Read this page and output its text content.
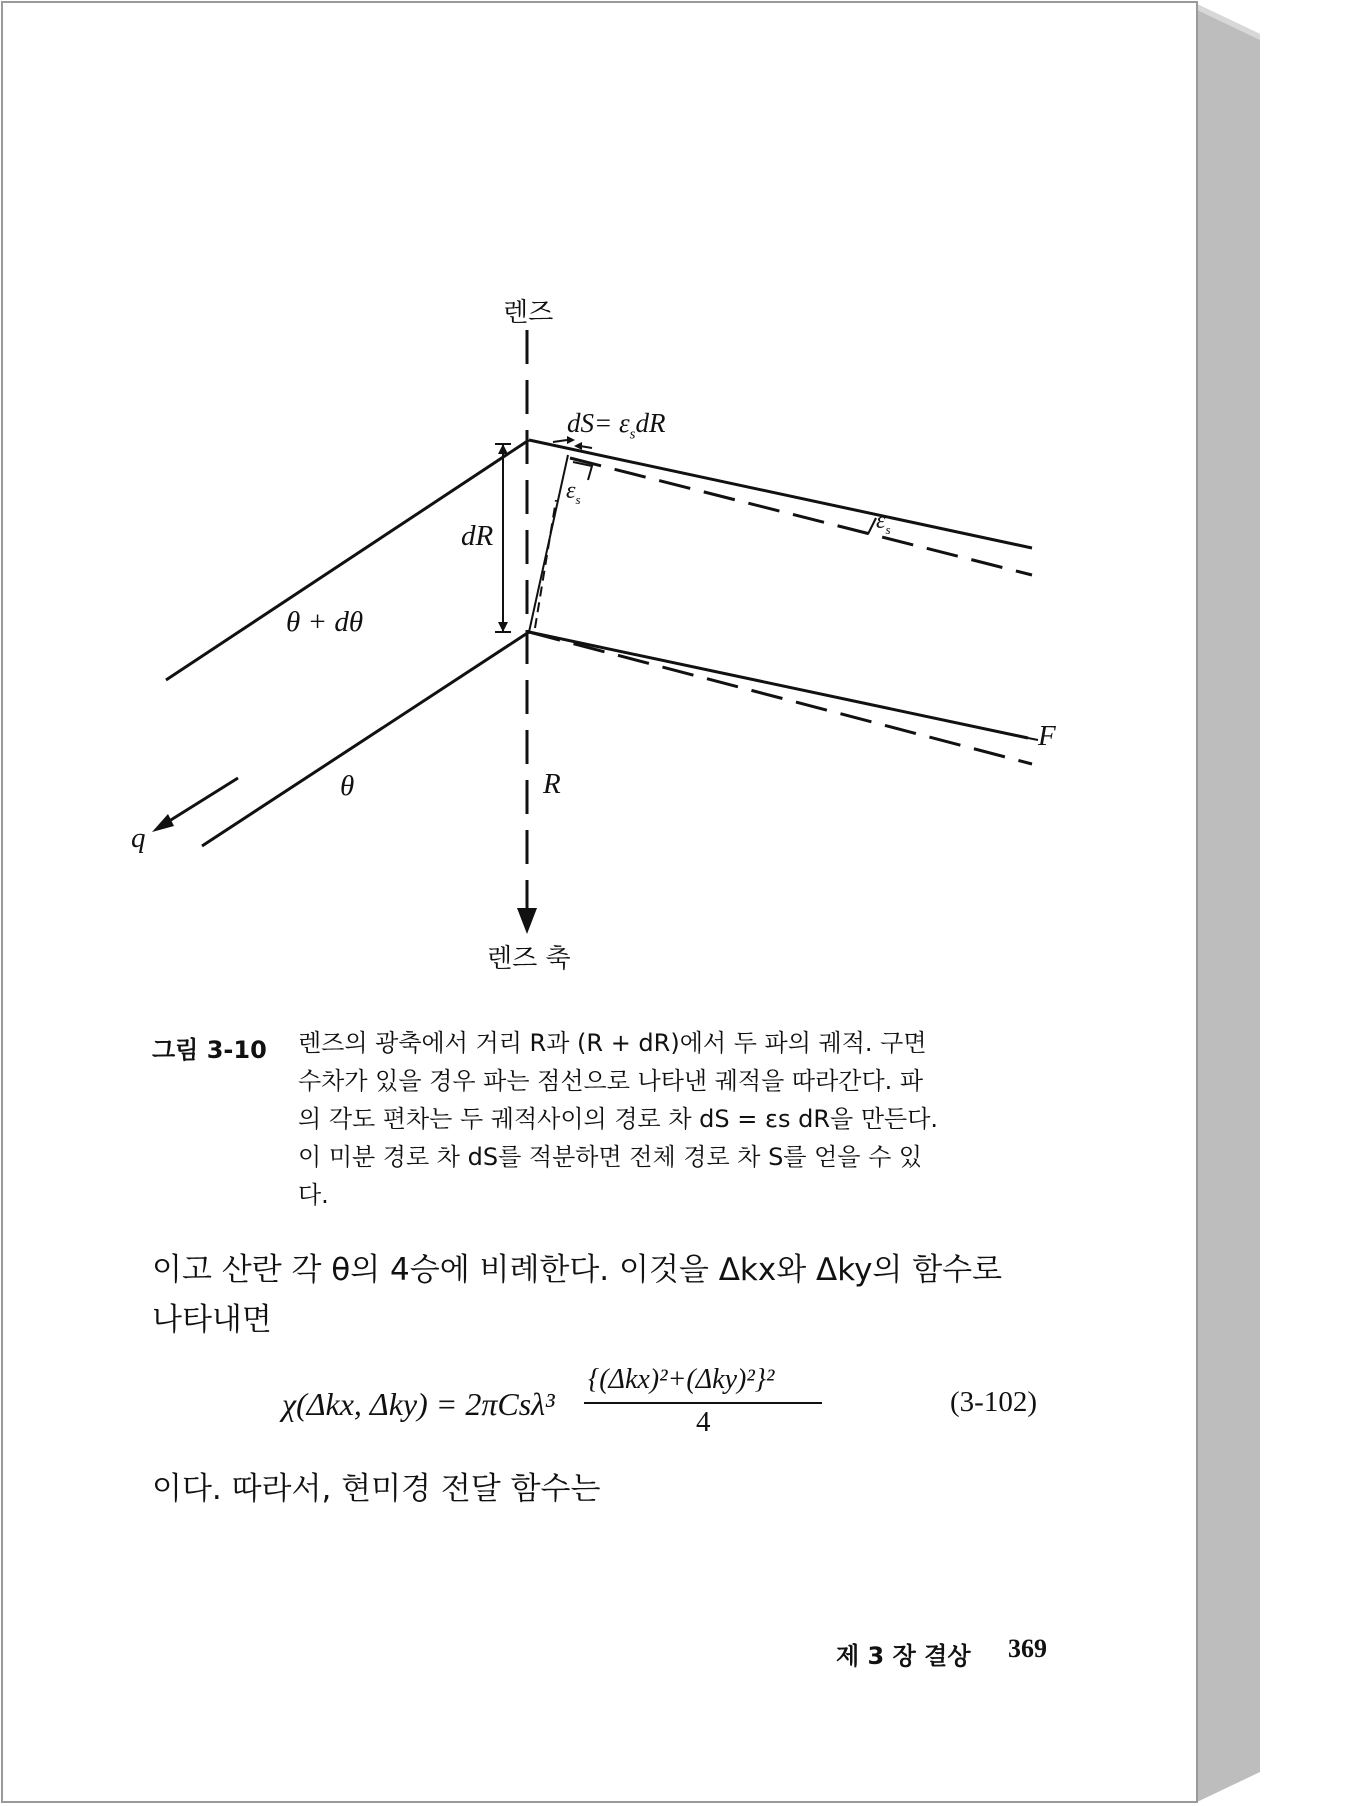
렌즈
렌즈 축
$dS= \varepsilon_sdR$
$\varepsilon_s$
$\varepsilon_s$
dR
θ + dθ
θ	R
q
F
그림 3-10 렌즈의 광축에서 거리 R과 (R + dR)에서 두 파의 궤적. 구면
수차가 있을 경우 파는 점선으로 나타낸 궤적을 따라간다. 파
의 각도 편차는 두 궤적사이의 경로 차 dS = εs dR을 만든다.
이 미분 경로 차 dS를 적분하면 전체 경로 차 S를 얻을 수 있
다.
이고 산란 각 θ의 4승에 비례한다. 이것을 Δkx와 Δky의 함수로
나타내면
χ(Δkx, Δky) = 2πCsλ³
{(Δkx)²+(Δky)²}²
4
(3-102)
이다. 따라서, 현미경 전달 함수는
제 3 장 결상 369
